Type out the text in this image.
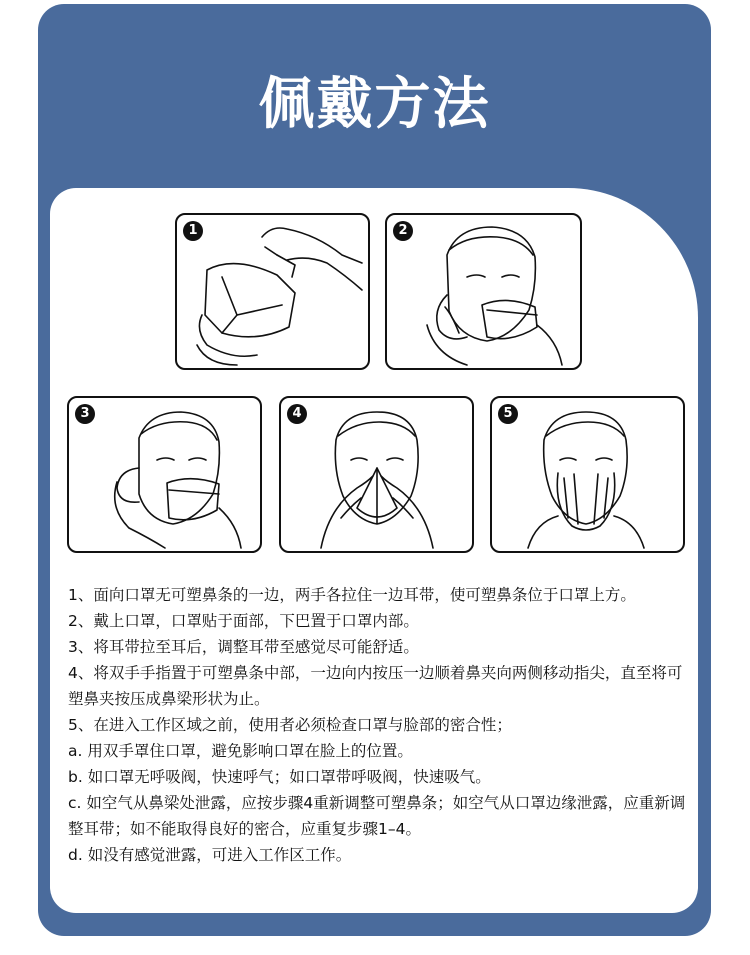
佩戴方法
1	2
3	4	5

1、面向口罩无可塑鼻条的一边，两手各拉住一边耳带，使可塑鼻条位于口罩上方。

2、戴上口罩，口罩贴于面部，下巴置于口罩内部。

3、将耳带拉至耳后，调整耳带至感觉尽可能舒适。

4、将双手手指置于可塑鼻条中部，一边向内按压一边顺着鼻夹向两侧移动指尖，直至将可塑鼻夹按压成鼻梁形状为止。

5、在进入工作区域之前，使用者必须检查口罩与脸部的密合性；

a. 用双手罩住口罩，避免影响口罩在脸上的位置。

b. 如口罩无呼吸阀，快速呼气；如口罩带呼吸阀，快速吸气。

c. 如空气从鼻梁处泄露，应按步骤4重新调整可塑鼻条；如空气从口罩边缘泄露，应重新调整耳带；如不能取得良好的密合，应重复步骤1–4。

d. 如没有感觉泄露，可进入工作区工作。
